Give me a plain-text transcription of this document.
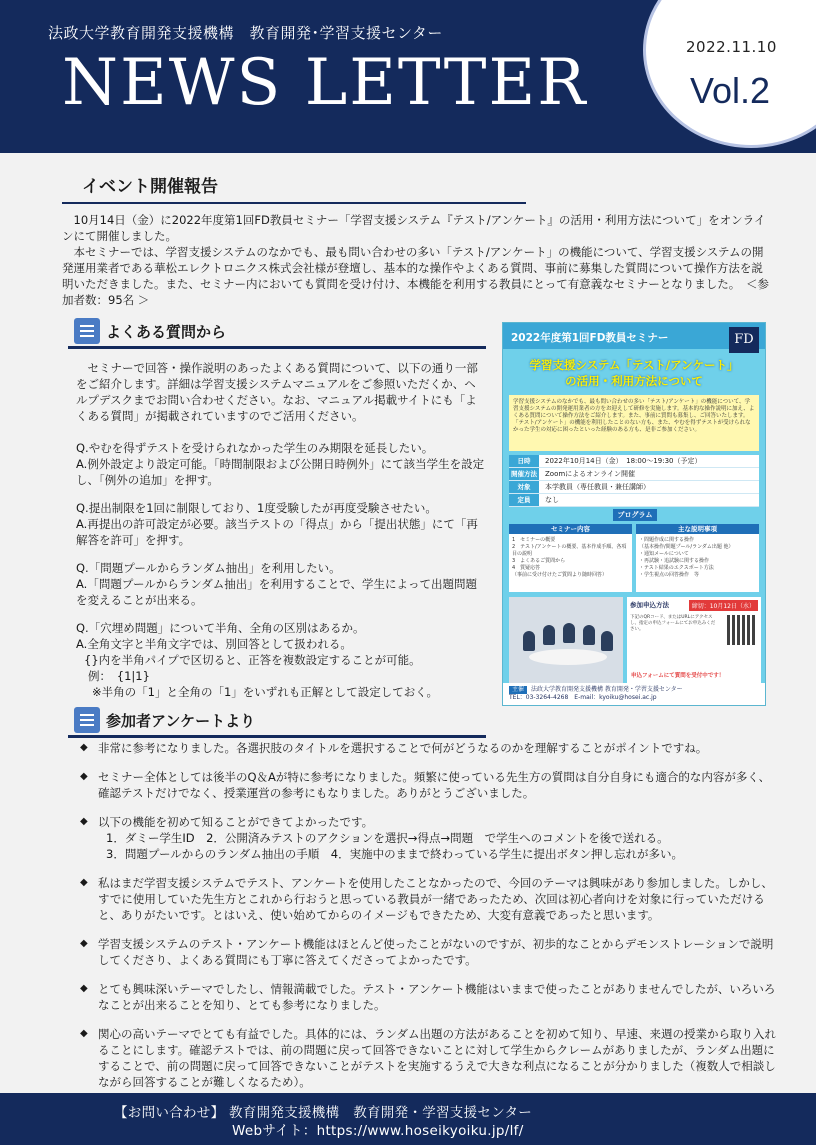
法政大学教育開発支援機構　教育開発･学習支援センター
NEWS LETTER	2022.11.10
Vol.2
イベント開催報告

10月14日（金）に2022年度第1回FD教員セミナー「学習支援システム『テスト/アンケート』の活用・利用方法について」をオンラインにて開催しました。

本セミナーでは、学習支援システムのなかでも、最も問い合わせの多い「テスト/アンケート」の機能について、学習支援システムの開発運用業者である華松エレクトロニクス株式会社様が登壇し、基本的な操作やよくある質問、事前に募集した質問について操作方法を説明いただきました。また、セミナー内においても質問を受け付け、本機能を利用する教員にとって有意義なセミナーとなりました。　＜参加者数：95名 ＞

よくある質問から

セミナーで回答・操作説明のあったよくある質問について、以下の通り一部をご紹介します。詳細は学習支援システムマニュアルをご参照いただくか、ヘルプデスクまでお問い合わせください。なお、マニュアル掲載サイトにも「よくある質問」が掲載されていますのでご活用ください。

Q.やむを得ずテストを受けられなかった学生のみ期限を延長したい。

A.例外設定より設定可能。「時間制限および公開日時例外」にて該当学生を設定し、「例外の追加」を押す。

Q.提出制限を1回に制限しており、1度受験したが再度受験させたい。

A.再提出の許可設定が必要。該当テストの「得点」から「提出状態」にて「再解答を許可」を押す。

Q.「問題プールからランダム抽出」を利用したい。

A.「問題プールからランダム抽出」を利用することで、学生によって出題問題を変えることが出来る。

Q.「穴埋め問題」について半角、全角の区別はあるか。

A.全角文字と半角文字では、別回答として扱われる。

{}内を半角パイプで区切ると、正答を複数設定することが可能。

例：　{1|1}

※半角の「1」と全角の「1」をいずれも正解として設定しておく。

2022年度第1回FD教員セミナー	FD
学習支援システム「テスト/アンケート」
の活用・利用方法について
学習支援システムのなかでも、最も問い合わせの多い「テスト/アンケート」の機能について、学習支援システムの開発運用業者の方をお迎えして研修を実施します。基本的な操作説明に加え、よくある質問について操作方法をご紹介します。また、事前に質問も募集し、ご回答いたします。「テスト/アンケート」の機能を利用したことのない方も、また、やむを得ずテストが受けられなかった学生の対応に困ったといった経験のある方も、是非ご参加ください。
日時	2022年10月14日（金）　18:00〜19:30（予定）
開催方法 Zoomによるオンライン開催
対象	本学教員（専任教員・兼任講師）
定員	なし
プログラム
セミナー内容
1　セミナーの概要
2　テスト/アンケートの概要、基本作成手順、各項目の説明
3　よくあるご質問から
4　質疑応答
（事前に受け付けたご質問より随時回答）
主な説明事項
・問題作成に関する操作
（基本操作/問題プール/ランダム出題 他）
・通知メールについて
・再試験・追試験に関する操作
・テスト結果のエクスポート方法
・学生視点の回答操作　等
参加申込方法	締切：10月12日（水）
下記のQRコード、またはURLにアクセスし、指定の申込フォームにてお申込みください。
申込フォームにて質問を受付中です！
主催 法政大学教育開発支援機構 教育開発・学習支援センター
TEL：03-3264-4268　E-mail：kyoiku@hosei.ac.jp
参加者アンケートより
◆ 非常に参考になりました。各選択肢のタイトルを選択することで何がどうなるのかを理解することがポイントですね。

◆ セミナー全体としては後半のQ＆Aが特に参考になりました。頻繁に使っている先生方の質問は自分自身にも適合的な内容が多く、確認テストだけでなく、授業運営の参考にもなりました。ありがとうございました。

◆ 以下の機能を初めて知ることができてよかったです。

1．ダミー学生ID　2．公開済みテストのアクションを選択→得点→問題　で学生へのコメントを後で送れる。

3．問題プールからのランダム抽出の手順　4．実施中のままで終わっている学生に提出ボタン押し忘れが多い。

◆ 私はまだ学習支援システムでテスト、アンケートを使用したことなかったので、今回のテーマは興味があり参加しました。しかし、すでに使用していた先生方とこれから行おうと思っている教員が一緒であったため、次回は初心者向けを対象に行っていただけると、ありがたいです。とはいえ、使い始めてからのイメージもできたため、大変有意義であったと思います。

◆ 学習支援システムのテスト・アンケート機能はほとんど使ったことがないのですが、初歩的なことからデモンストレーションで説明してくださり、よくある質問にも丁寧に答えてくださってよかったです。

◆ とても興味深いテーマでしたし、情報満載でした。テスト・アンケート機能はいままで使ったことがありませんでしたが、いろいろなことが出来ることを知り、とても参考になりました。

◆ 関心の高いテーマでとても有益でした。具体的には、ランダム出題の方法があることを初めて知り、早速、来週の授業から取り入れることにします。確認テストでは、前の問題に戻って回答できないことに対して学生からクレームがありましたが、ランダム出題にすることで、前の問題に戻って回答できないことがテストを実施するうえで大きな利点になることが分かりました（複数人で相談しながら回答することが難しくなるため）。

【お問い合わせ】 教育開発支援機構　教育開発・学習支援センター
Webサイト：https://www.hoseikyoiku.jp/lf/
